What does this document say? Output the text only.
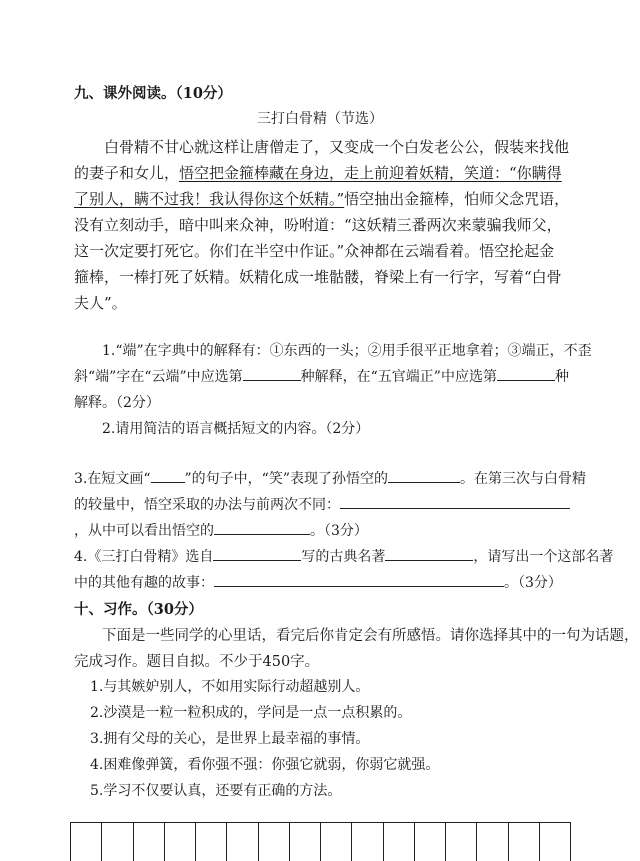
九、课外阅读。（10分）
三打白骨精（节选）
白骨精不甘心就这样让唐僧走了，又变成一个白发老公公，假装来找他
的妻子和女儿，悟空把金箍棒藏在身边，走上前迎着妖精，笑道：“你瞒得
了别人，瞒不过我！我认得你这个妖精。”悟空抽出金箍棒，怕师父念咒语，
没有立刻动手，暗中叫来众神，吩咐道：“这妖精三番两次来蒙骗我师父，
这一次定要打死它。你们在半空中作证。”众神都在云端看着。悟空抡起金
箍棒，一棒打死了妖精。妖精化成一堆骷髅，脊梁上有一行字，写着“白骨
夫人”。
1.“端”在字典中的解释有：①东西的一头；②用手很平正地拿着；③端正，不歪
斜“端”字在“云端”中应选第	种解释，在“五官端正”中应选第	种
解释。（2分）
2.请用简洁的语言概括短文的内容。（2分）
3.在短文画“ ”的句子中，“笑”表现了孙悟空的	。在第三次与白骨精
的较量中，悟空采取的办法与前两次不同：
，从中可以看出悟空的	。（3分）
4.《三打白骨精》选自	写的古典名著	，请写出一个这部名著
中的其他有趣的故事：	。（3分）
十、习作。（30分）
下面是一些同学的心里话，看完后你肯定会有所感悟。请你选择其中的一句为话题，
完成习作。题目自拟。不少于450字。
1.与其嫉妒别人，不如用实际行动超越别人。
2.沙漠是一粒一粒积成的，学问是一点一点积累的。
3.拥有父母的关心，是世界上最幸福的事情。
4.困难像弹簧，看你强不强：你强它就弱，你弱它就强。
5.学习不仅要认真，还要有正确的方法。
